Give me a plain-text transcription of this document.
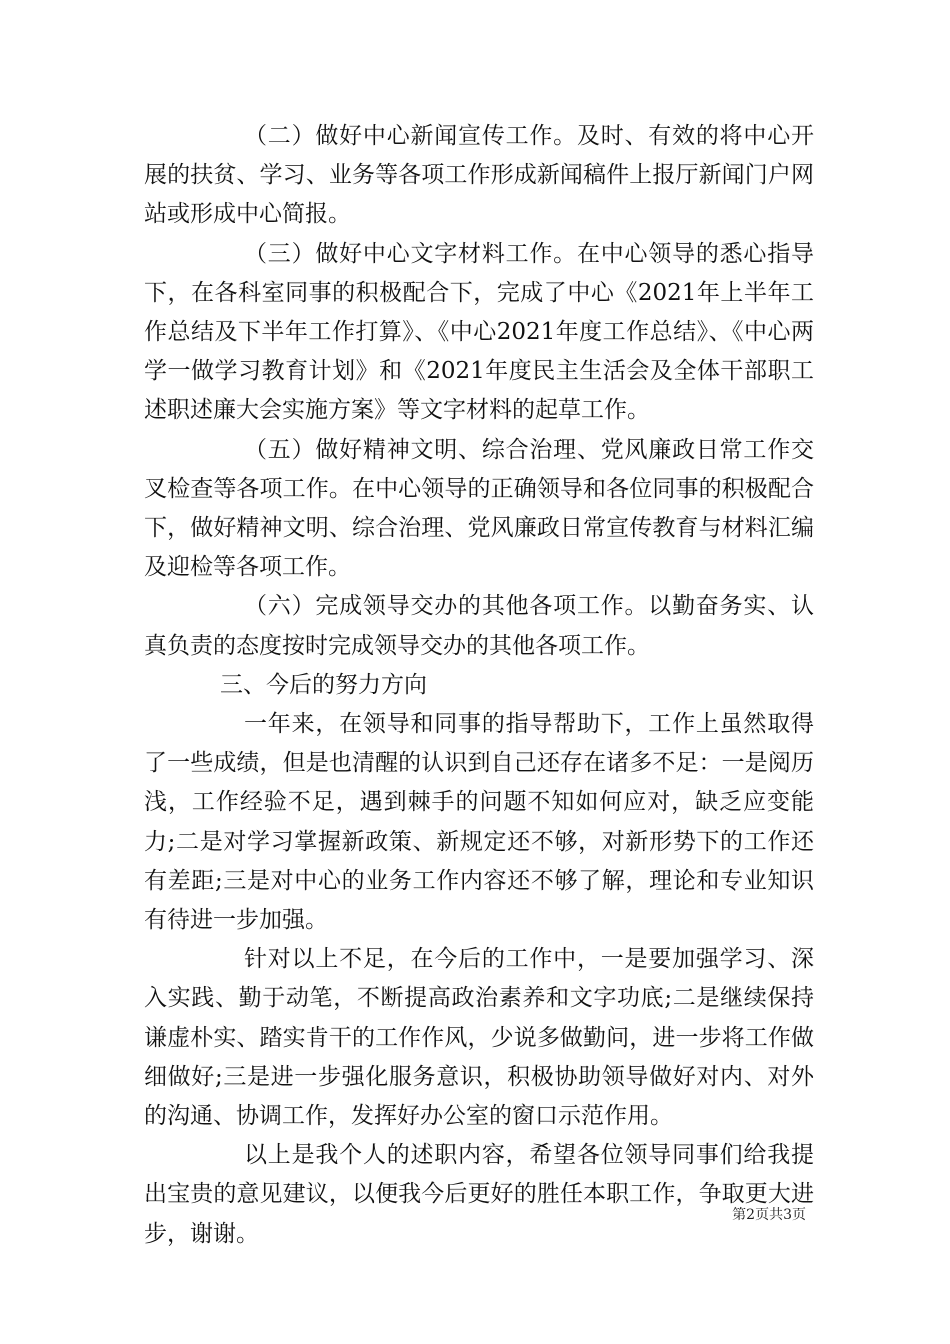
（二）做好中心新闻宣传工作。及时、有效的将中心开展的扶贫、学习、业务等各项工作形成新闻稿件上报厅新闻门户网站或形成中心简报。

（三）做好中心文字材料工作。在中心领导的悉心指导下，在各科室同事的积极配合下，完成了中心《2021年上半年工作总结及下半年工作打算》、《中心2021年度工作总结》、《中心两学一做学习教育计划》和《2021年度民主生活会及全体干部职工述职述廉大会实施方案》等文字材料的起草工作。

（五）做好精神文明、综合治理、党风廉政日常工作交叉检查等各项工作。在中心领导的正确领导和各位同事的积极配合下，做好精神文明、综合治理、党风廉政日常宣传教育与材料汇编及迎检等各项工作。

（六）完成领导交办的其他各项工作。以勤奋务实、认真负责的态度按时完成领导交办的其他各项工作。

三、今后的努力方向

一年来，在领导和同事的指导帮助下，工作上虽然取得了一些成绩，但是也清醒的认识到自己还存在诸多不足：一是阅历浅，工作经验不足，遇到棘手的问题不知如何应对，缺乏应变能力;二是对学习掌握新政策、新规定还不够，对新形势下的工作还有差距;三是对中心的业务工作内容还不够了解，理论和专业知识有待进一步加强。

针对以上不足，在今后的工作中，一是要加强学习、深入实践、勤于动笔，不断提高政治素养和文字功底;二是继续保持谦虚朴实、踏实肯干的工作作风，少说多做勤问，进一步将工作做细做好;三是进一步强化服务意识，积极协助领导做好对内、对外的沟通、协调工作，发挥好办公室的窗口示范作用。

以上是我个人的述职内容，希望各位领导同事们给我提出宝贵的意见建议，以便我今后更好的胜任本职工作，争取更大进步，谢谢。

第2页共3页
